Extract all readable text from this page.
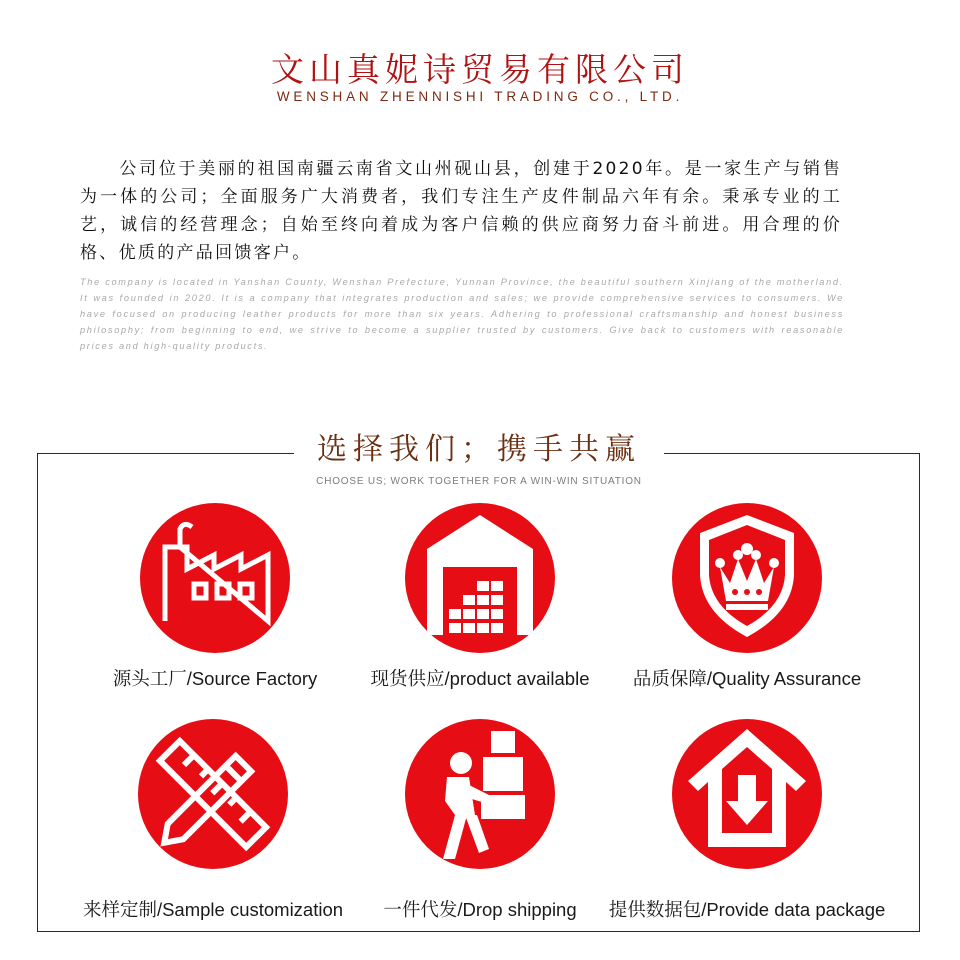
文山真妮诗贸易有限公司
WENSHAN ZHENNISHI TRADING CO., LTD.
　　公司位于美丽的祖国南疆云南省文山州砚山县，创建于2020年。是一家生产与销售为一体的公司；全面服务广大消费者，我们专注生产皮件制品六年有余。秉承专业的工艺，诚信的经营理念；自始至终向着成为客户信赖的供应商努力奋斗前进。用合理的价格、优质的产品回馈客户。
The company is located in Yanshan County, Wenshan Prefecture, Yunnan Province, the beautiful southern Xinjiang of the motherland. It was founded in 2020. It is a company that integrates production and sales; we provide comprehensive services to consumers. We have focused on producing leather products for more than six years. Adhering to professional craftsmanship and honest business philosophy; from beginning to end, we strive to become a supplier trusted by customers. Give back to customers with reasonable prices and high-quality products.
选择我们；携手共赢
CHOOSE US; WORK TOGETHER FOR A WIN-WIN SITUATION
源头工厂/Source Factory	现货供应/product available	品质保障/Quality Assurance
来样定制/Sample customization	一件代发/Drop shipping	提供数据包/Provide data package
